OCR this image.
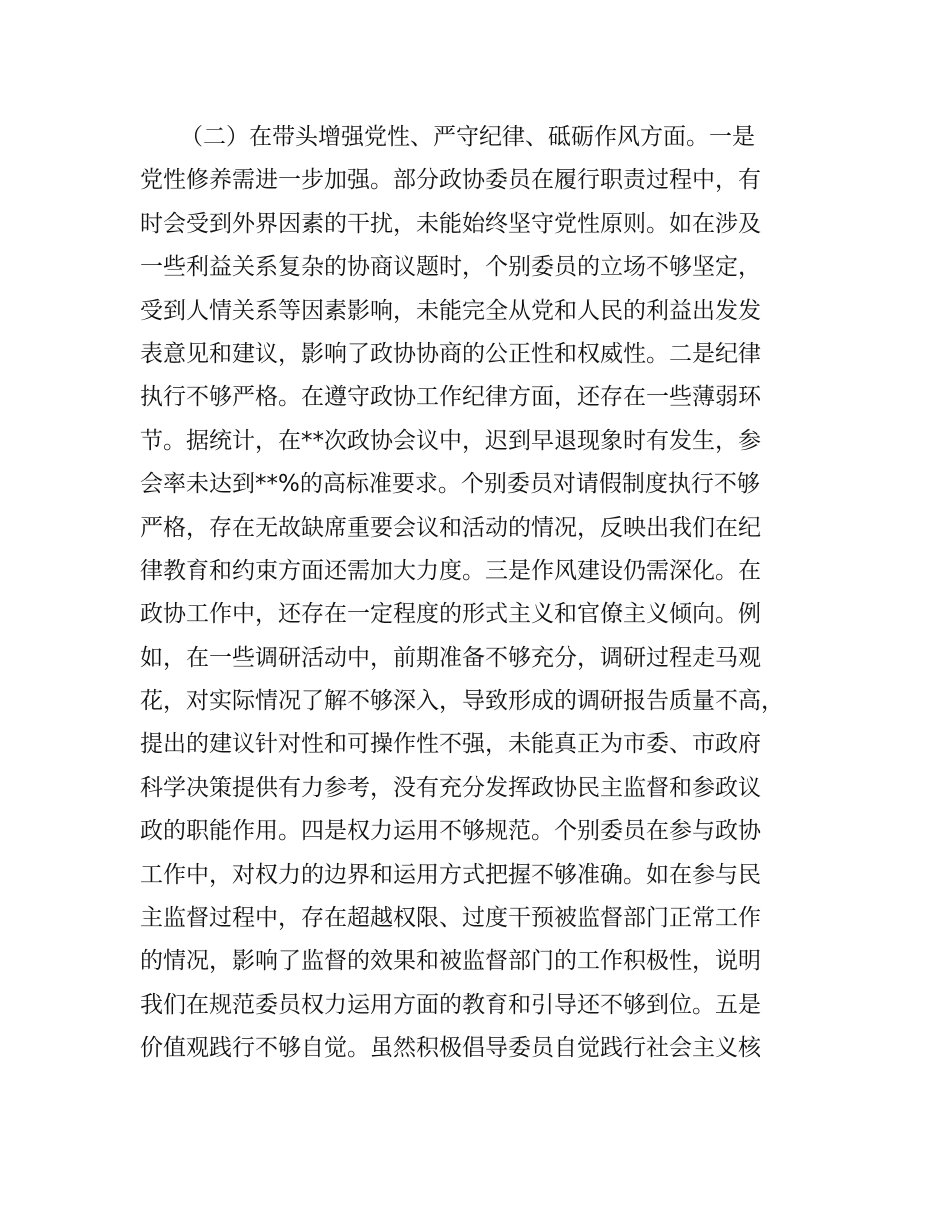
（二）在带头增强党性、严守纪律、砥砺作风方面。一是
党性修养需进一步加强。部分政协委员在履行职责过程中，有
时会受到外界因素的干扰，未能始终坚守党性原则。如在涉及
一些利益关系复杂的协商议题时，个别委员的立场不够坚定，
受到人情关系等因素影响，未能完全从党和人民的利益出发发
表意见和建议，影响了政协协商的公正性和权威性。二是纪律
执行不够严格。在遵守政协工作纪律方面，还存在一些薄弱环
节。据统计，在**次政协会议中，迟到早退现象时有发生，参
会率未达到**%的高标准要求。个别委员对请假制度执行不够
严格，存在无故缺席重要会议和活动的情况，反映出我们在纪
律教育和约束方面还需加大力度。三是作风建设仍需深化。在
政协工作中，还存在一定程度的形式主义和官僚主义倾向。例
如，在一些调研活动中，前期准备不够充分，调研过程走马观
花，对实际情况了解不够深入，导致形成的调研报告质量不高，
提出的建议针对性和可操作性不强，未能真正为市委、市政府
科学决策提供有力参考，没有充分发挥政协民主监督和参政议
政的职能作用。四是权力运用不够规范。个别委员在参与政协
工作中，对权力的边界和运用方式把握不够准确。如在参与民
主监督过程中，存在超越权限、过度干预被监督部门正常工作
的情况，影响了监督的效果和被监督部门的工作积极性，说明
我们在规范委员权力运用方面的教育和引导还不够到位。五是
价值观践行不够自觉。虽然积极倡导委员自觉践行社会主义核
